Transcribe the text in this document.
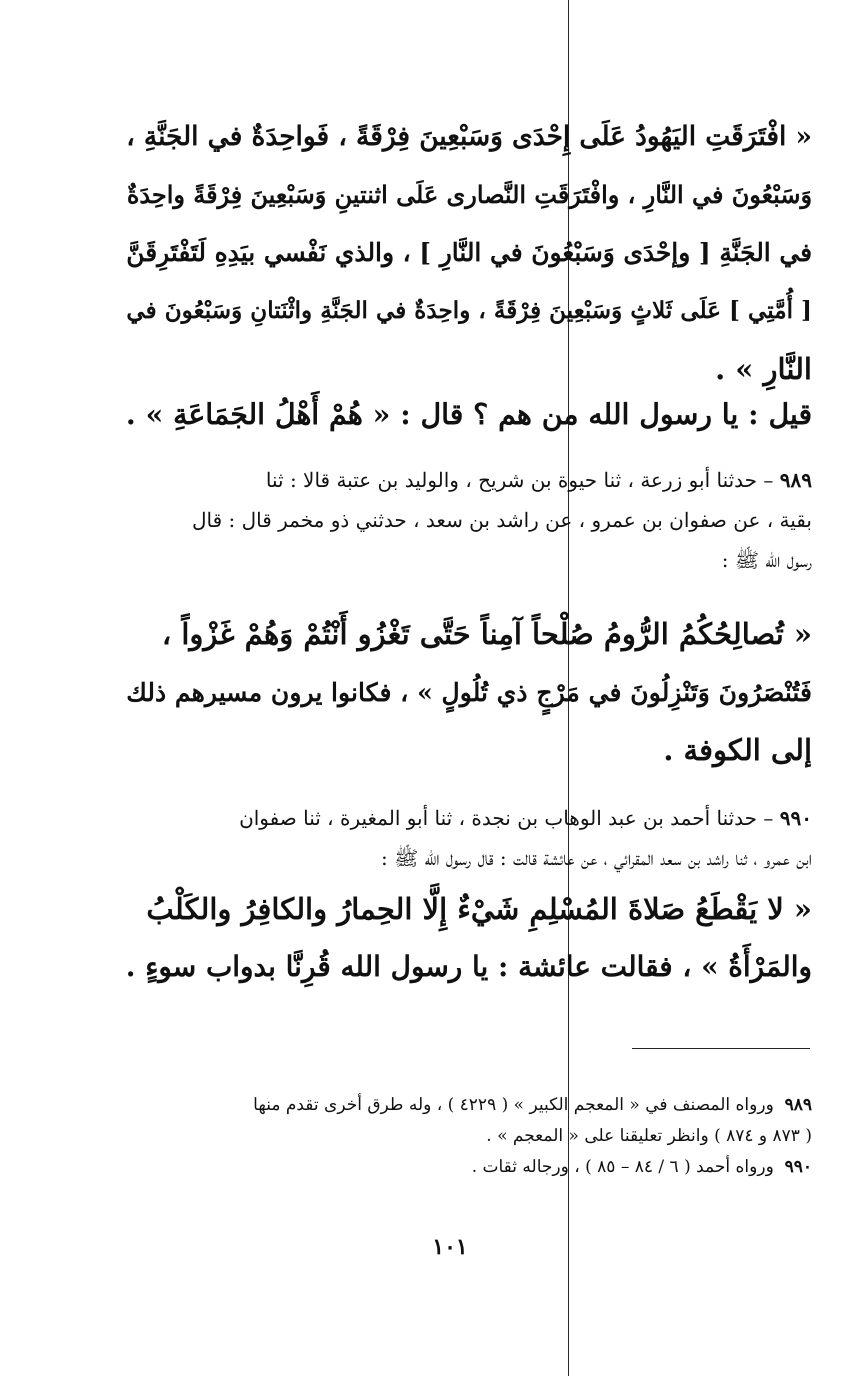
« افْتَرَقَتِ اليَهُودُ عَلَى إِحْدَى وَسَبْعِينَ فِرْقَةً ، فَواحِدَةٌ في الجَنَّةِ ،
وَسَبْعُونَ في النَّارِ ، وافْتَرَقَتِ النَّصارى عَلَى اثنتينِ وَسَبْعِينَ فِرْقَةً واحِدَةٌ
في الجَنَّةِ [ وإحْدَى وَسَبْعُونَ في النَّارِ ] ، والذي نَفْسي بيَدِهِ لَتَفْتَرِقَنَّ
[ أُمَّتِي ] عَلَى ثَلاثٍ وَسَبْعِينَ فِرْقَةً ، واحِدَةٌ في الجَنَّةِ واثْنَتانِ وَسَبْعُونَ في
النَّارِ » .
قيل : يا رسول الله من هم ؟ قال : « هُمْ أَهْلُ الجَمَاعَةِ » .
٩٨٩ – حدثنا أبو زرعة ، ثنا حيوة بن شريح ، والوليد بن عتبة قالا : ثنا
بقية ، عن صفوان بن عمرو ، عن راشد بن سعد ، حدثني ذو مخمر قال : قال
رسول الله ﷺ :
« تُصالِحُكُمُ الرُّومُ صُلْحاً آمِناً حَتَّى تَغْزُو أَنْتُمْ وَهُمْ غَزْواً ،
فَتُنْصَرُونَ وَتَنْزِلُونَ في مَرْجٍ ذي تُلُولٍ » ، فكانوا يرون مسيرهم ذلك
إلى الكوفة .
٩٩٠ – حدثنا أحمد بن عبد الوهاب بن نجدة ، ثنا أبو المغيرة ، ثنا صفوان
ابن عمرو ، ثنا راشد بن سعد المقرائي ، عن عائشة قالت : قال رسول الله ﷺ :
« لا يَقْطَعُ صَلاةَ المُسْلِمِ شَيْءٌ إِلَّا الحِمارُ والكافِرُ والكَلْبُ
والمَرْأَةُ » ، فقالت عائشة : يا رسول الله قُرِنَّا بدواب سوءٍ .
٩٨٩  ورواه المصنف في « المعجم الكبير » ( ٤٢٢٩ ) ، وله طرق أخرى تقدم منها
( ٨٧٣ و ٨٧٤ ) وانظر تعليقنا على « المعجم » .
٩٩٠  ورواه أحمد ( ٦ / ٨٤ – ٨٥ ) ، ورجاله ثقات .
١٠١
